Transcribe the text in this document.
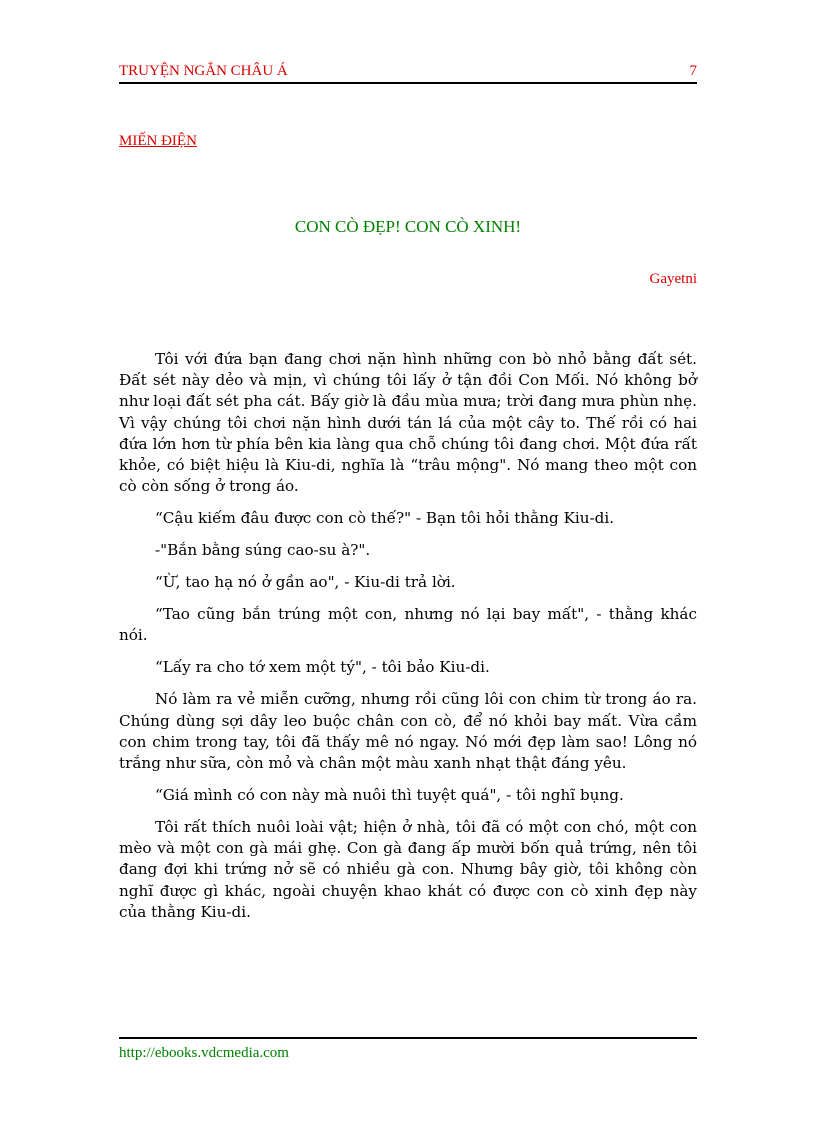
TRUYỆN NGẮN CHÂU Á	7
MIẾN ĐIỆN
CON CÒ ĐẸP! CON CÒ XINH!
Gayetni

Tôi với đứa bạn đang chơi nặn hình những con bò nhỏ bằng đất sét. Đất sét này dẻo và mịn, vì chúng tôi lấy ở tận đồi Con Mối. Nó không bở như loại đất sét pha cát. Bấy giờ là đầu mùa mưa; trời đang mưa phùn nhẹ. Vì vậy chúng tôi chơi nặn hình dưới tán lá của một cây to. Thế rồi có hai đứa lớn hơn từ phía bên kia làng qua chỗ chúng tôi đang chơi. Một đứa rất khỏe, có biệt hiệu là Kiu-di, nghĩa là “trâu mộng". Nó mang theo một con cò còn sống ở trong áo.

“Cậu kiếm đâu được con cò thế?" - Bạn tôi hỏi thằng Kiu-di.

-"Bắn bằng súng cao-su à?".

“Ừ, tao hạ nó ở gần ao", - Kiu-di trả lời.

“Tao cũng bắn trúng một con, nhưng nó lại bay mất", - thằng khác nói.

“Lấy ra cho tớ xem một tý", - tôi bảo Kiu-di.

Nó làm ra vẻ miễn cưỡng, nhưng rồi cũng lôi con chim từ trong áo ra. Chúng dùng sợi dây leo buộc chân con cò, để nó khỏi bay mất. Vừa cầm con chim trong tay, tôi đã thấy mê nó ngay. Nó mới đẹp làm sao! Lông nó trắng như sữa, còn mỏ và chân một màu xanh nhạt thật đáng yêu.

“Giá mình có con này mà nuôi thì tuyệt quá", - tôi nghĩ bụng.

Tôi rất thích nuôi loài vật; hiện ở nhà, tôi đã có một con chó, một con mèo và một con gà mái ghẹ. Con gà đang ấp mười bốn quả trứng, nên tôi đang đợi khi trứng nở sẽ có nhiều gà con. Nhưng bây giờ, tôi không còn nghĩ được gì khác, ngoài chuyện khao khát có được con cò xinh đẹp này của thằng Kiu-di.

http://ebooks.vdcmedia.com
